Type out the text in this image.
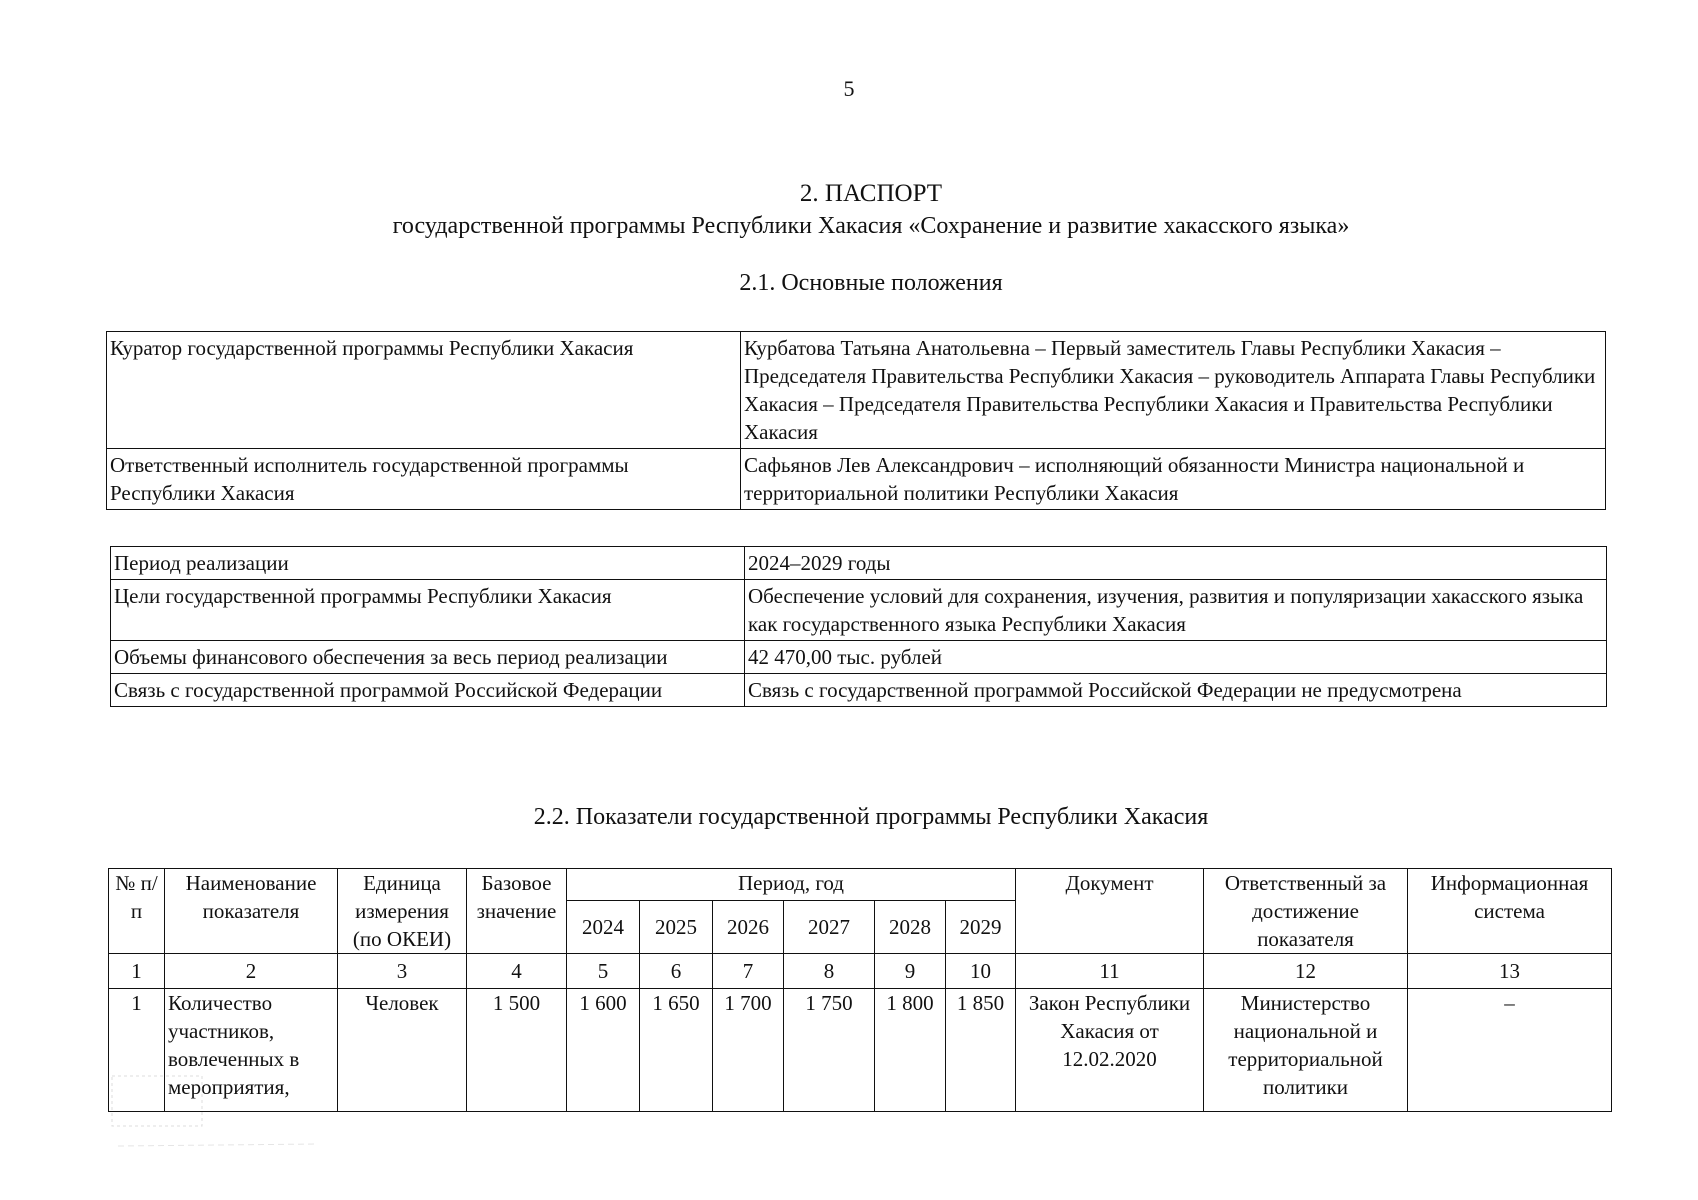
5
2. ПАСПОРТ
государственной программы Республики Хакасия «Сохранение и развитие хакасского языка»
2.1. Основные положения
Куратор государственной программы Республики Хакасия	Курбатова Татьяна Анатольевна – Первый заместитель Главы Республики Хакасия – Председателя Правительства Республики Хакасия – руководитель Аппарата Главы Республики Хакасия – Председателя Правительства Республики Хакасия и Правительства Республики Хакасия
Ответственный исполнитель государственной программы Республики Хакасия	Сафьянов Лев Александрович – исполняющий обязанности Министра национальной и территориальной политики Республики Хакасия
Период реализации	2024–2029 годы
Цели государственной программы Республики Хакасия	Обеспечение условий для сохранения, изучения, развития и популяризации хакасского языка как государственного языка Республики Хакасия
Объемы финансового обеспечения за весь период реализации	42 470,00 тыс. рублей
Связь с государственной программой Российской Федерации	Связь с государственной программой Российской Федерации не предусмотрена
2.2. Показатели государственной программы Республики Хакасия
№ п/п	Наименование показателя	Единица измерения (по ОКЕИ)	Базовое значение	Период, год						Документ	Ответственный за достижение показателя	Информационная система
				2024	2025	2026	2027	2028	2029			
1	2	3	4	5	6	7	8	9	10	11	12	13
1	Количество участников, вовлеченных в мероприятия,	Человек	1 500	1 600	1 650	1 700	1 750	1 800	1 850	Закон Республики Хакасия от 12.02.2020	Министерство национальной и территориальной политики	–
